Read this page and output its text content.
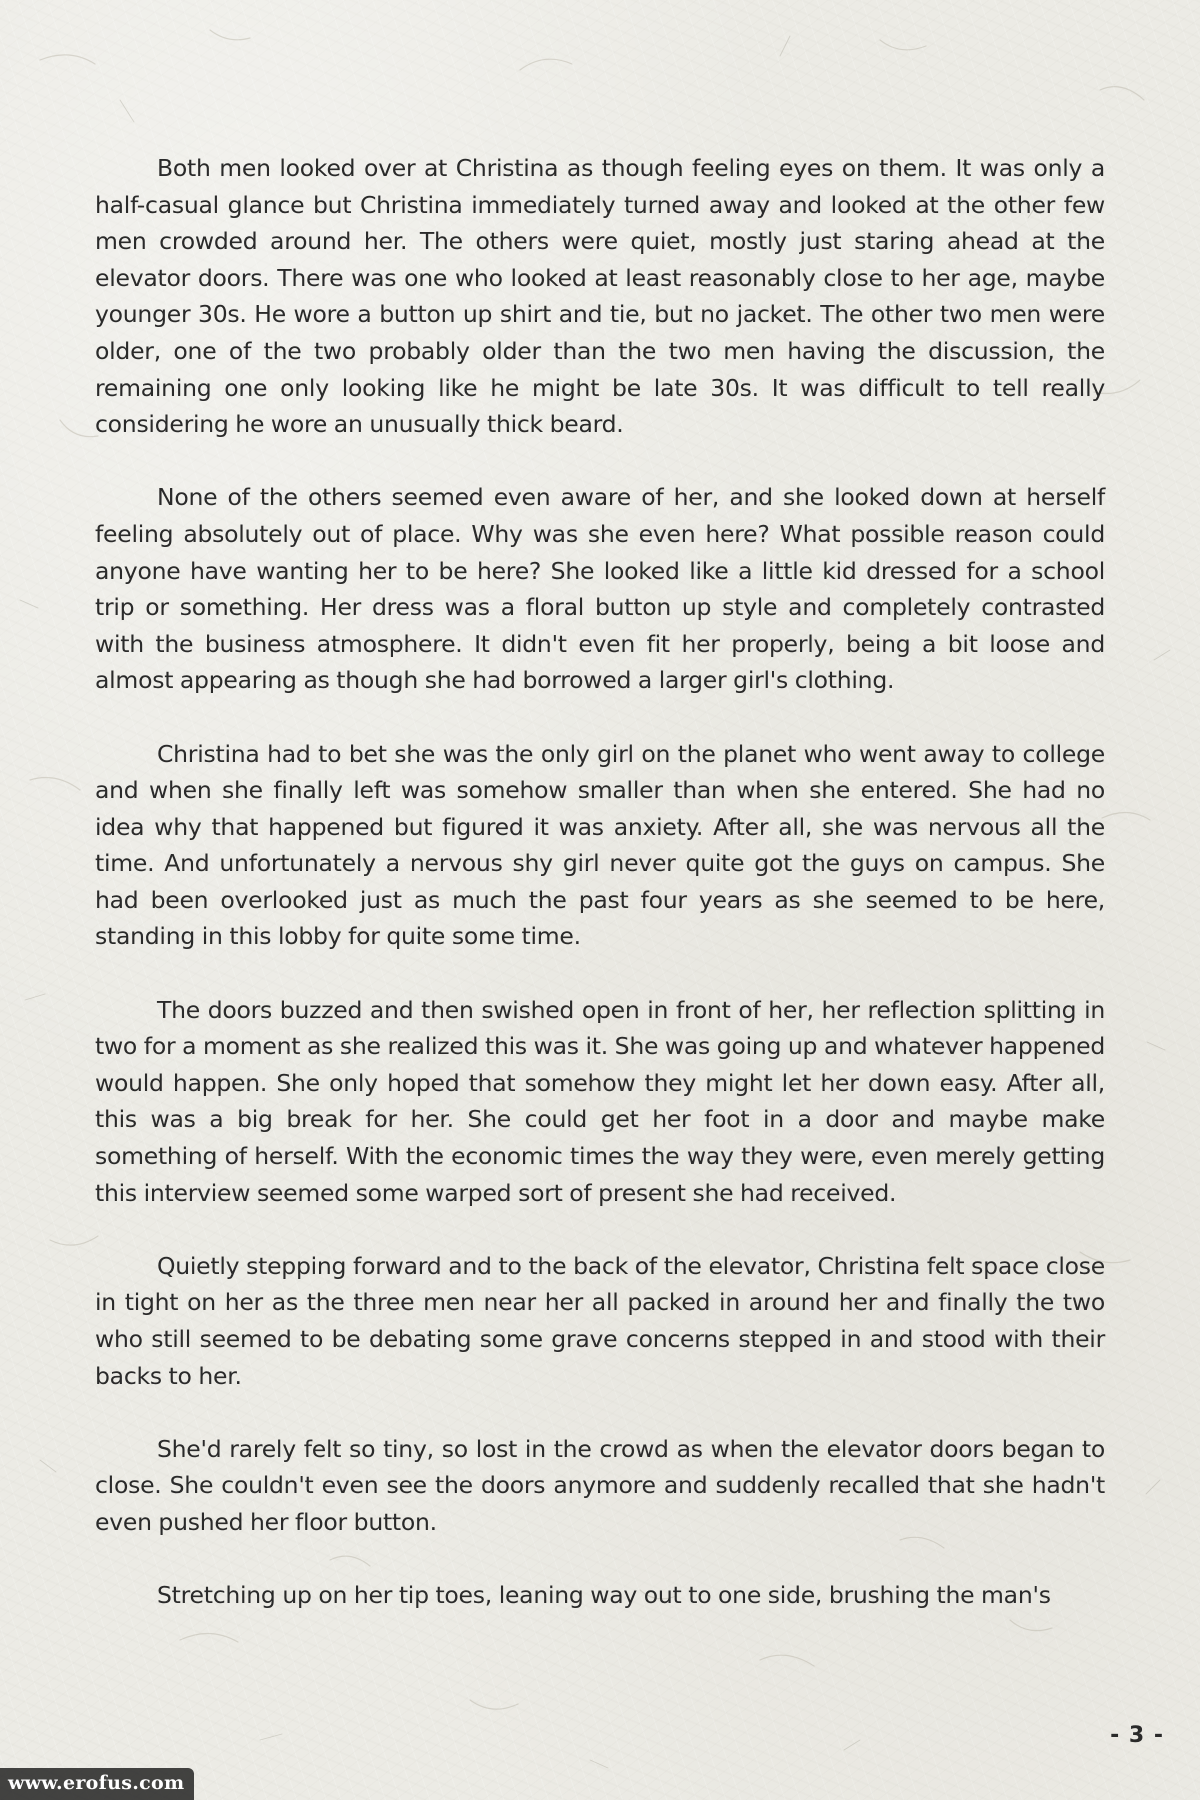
Both men looked over at Christina as though feeling eyes on them. It was only a half-casual glance but Christina immediately turned away and looked at the other few men crowded around her. The others were quiet, mostly just staring ahead at the elevator doors. There was one who looked at least reasonably close to her age, maybe younger 30s. He wore a button up shirt and tie, but no jacket. The other two men were older, one of the two probably older than the two men having the discussion, the remaining one only looking like he might be late 30s. It was difficult to tell really considering he wore an unusually thick beard.

None of the others seemed even aware of her, and she looked down at herself feeling absolutely out of place. Why was she even here? What possible reason could anyone have wanting her to be here? She looked like a little kid dressed for a school trip or something. Her dress was a floral button up style and completely contrasted with the business atmosphere. It didn't even fit her properly, being a bit loose and almost appearing as though she had borrowed a larger girl's clothing.

Christina had to bet she was the only girl on the planet who went away to college and when she finally left was somehow smaller than when she entered. She had no idea why that happened but figured it was anxiety. After all, she was nervous all the time. And unfortunately a nervous shy girl never quite got the guys on campus. She had been overlooked just as much the past four years as she seemed to be here, standing in this lobby for quite some time.

The doors buzzed and then swished open in front of her, her reflection splitting in two for a moment as she realized this was it. She was going up and whatever happened would happen. She only hoped that somehow they might let her down easy. After all, this was a big break for her. She could get her foot in a door and maybe make something of herself. With the economic times the way they were, even merely getting this interview seemed some warped sort of present she had received.

Quietly stepping forward and to the back of the elevator, Christina felt space close in tight on her as the three men near her all packed in around her and finally the two who still seemed to be debating some grave concerns stepped in and stood with their backs to her.

She'd rarely felt so tiny, so lost in the crowd as when the elevator doors began to close. She couldn't even see the doors anymore and suddenly recalled that she hadn't even pushed her floor button.

Stretching up on her tip toes, leaning way out to one side, brushing the man's

- 3 -
www.erofus.com
